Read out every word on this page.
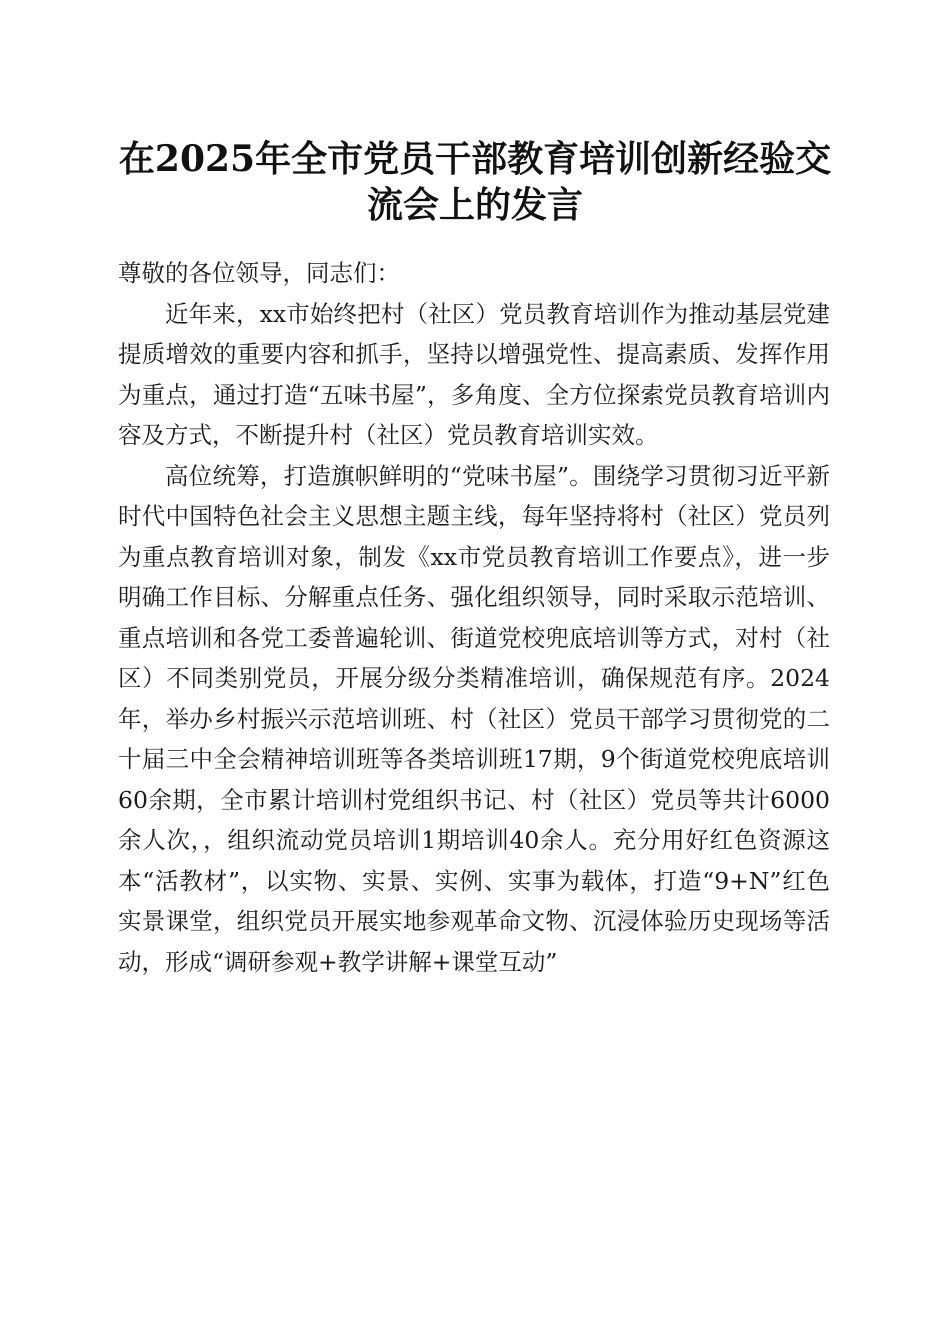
在2025年全市党员干部教育培训创新经验交流会上的发言

尊敬的各位领导，同志们：

近年来，xx市始终把村（社区）党员教育培训作为推动基层党建提质增效的重要内容和抓手，坚持以增强党性、提高素质、发挥作用为重点，通过打造“五味书屋”，多角度、全方位探索党员教育培训内容及方式，不断提升村（社区）党员教育培训实效。

高位统筹，打造旗帜鲜明的“党味书屋”。围绕学习贯彻习近平新时代中国特色社会主义思想主题主线，每年坚持将村（社区）党员列为重点教育培训对象，制发《xx市党员教育培训工作要点》，进一步明确工作目标、分解重点任务、强化组织领导，同时采取示范培训、重点培训和各党工委普遍轮训、街道党校兜底培训等方式，对村（社区）不同类别党员，开展分级分类精准培训，确保规范有序。2024年，举办乡村振兴示范培训班、村（社区）党员干部学习贯彻党的二十届三中全会精神培训班等各类培训班17期，9个街道党校兜底培训60余期，全市累计培训村党组织书记、村（社区）党员等共计6000余人次，，组织流动党员培训1期培训40余人。充分用好红色资源这本“活教材”，以实物、实景、实例、实事为载体，打造“9+N”红色实景课堂，组织党员开展实地参观革命文物、沉浸体验历史现场等活动，形成“调研参观+教学讲解+课堂互动”
